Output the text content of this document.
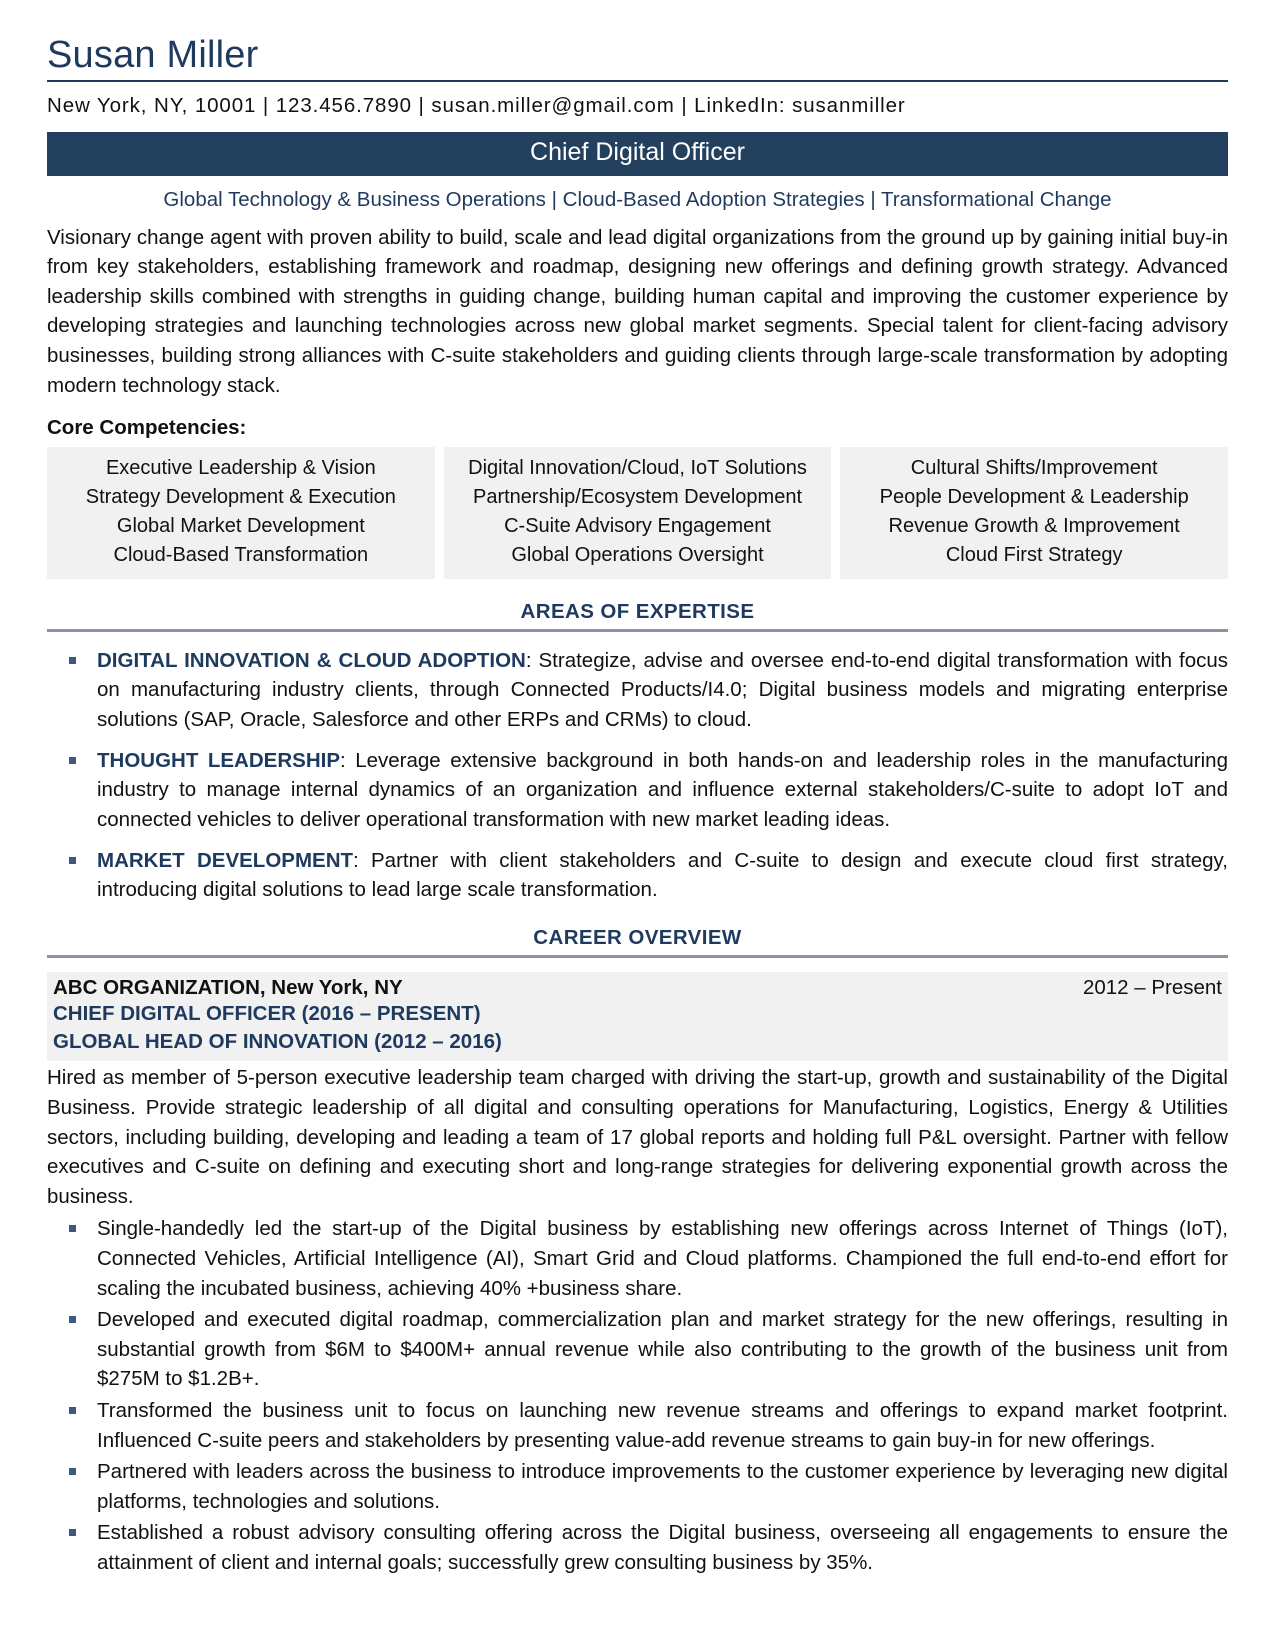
Susan Miller
New York, NY, 10001 | 123.456.7890 | susan.miller@gmail.com | LinkedIn: susanmiller
Chief Digital Officer
Global Technology & Business Operations | Cloud-Based Adoption Strategies | Transformational Change
Visionary change agent with proven ability to build, scale and lead digital organizations from the ground up by gaining initial buy-in from key stakeholders, establishing framework and roadmap, designing new offerings and defining growth strategy. Advanced leadership skills combined with strengths in guiding change, building human capital and improving the customer experience by developing strategies and launching technologies across new global market segments. Special talent for client-facing advisory businesses, building strong alliances with C-suite stakeholders and guiding clients through large-scale transformation by adopting modern technology stack.
Core Competencies:
Executive Leadership & Vision
Strategy Development & Execution
Global Market Development
Cloud-Based Transformation
Digital Innovation/Cloud, IoT Solutions
Partnership/Ecosystem Development
C-Suite Advisory Engagement
Global Operations Oversight
Cultural Shifts/Improvement
People Development & Leadership
Revenue Growth & Improvement
Cloud First Strategy
AREAS OF EXPERTISE
DIGITAL INNOVATION & CLOUD ADOPTION: Strategize, advise and oversee end-to-end digital transformation with focus on manufacturing industry clients, through Connected Products/I4.0; Digital business models and migrating enterprise solutions (SAP, Oracle, Salesforce and other ERPs and CRMs) to cloud.
THOUGHT LEADERSHIP: Leverage extensive background in both hands-on and leadership roles in the manufacturing industry to manage internal dynamics of an organization and influence external stakeholders/C-suite to adopt IoT and connected vehicles to deliver operational transformation with new market leading ideas.
MARKET DEVELOPMENT: Partner with client stakeholders and C-suite to design and execute cloud first strategy, introducing digital solutions to lead large scale transformation.
CAREER OVERVIEW
ABC ORGANIZATION, New York, NY	2012 – Present
CHIEF DIGITAL OFFICER (2016 – PRESENT)
GLOBAL HEAD OF INNOVATION (2012 – 2016)
Hired as member of 5-person executive leadership team charged with driving the start-up, growth and sustainability of the Digital Business. Provide strategic leadership of all digital and consulting operations for Manufacturing, Logistics, Energy & Utilities sectors, including building, developing and leading a team of 17 global reports and holding full P&L oversight. Partner with fellow executives and C-suite on defining and executing short and long-range strategies for delivering exponential growth across the business.
Single-handedly led the start-up of the Digital business by establishing new offerings across Internet of Things (IoT), Connected Vehicles, Artificial Intelligence (AI), Smart Grid and Cloud platforms. Championed the full end-to-end effort for scaling the incubated business, achieving 40% +business share.
Developed and executed digital roadmap, commercialization plan and market strategy for the new offerings, resulting in substantial growth from $6M to $400M+ annual revenue while also contributing to the growth of the business unit from $275M to $1.2B+.
Transformed the business unit to focus on launching new revenue streams and offerings to expand market footprint. Influenced C-suite peers and stakeholders by presenting value-add revenue streams to gain buy-in for new offerings.
Partnered with leaders across the business to introduce improvements to the customer experience by leveraging new digital platforms, technologies and solutions.
Established a robust advisory consulting offering across the Digital business, overseeing all engagements to ensure the attainment of client and internal goals; successfully grew consulting business by 35%.
